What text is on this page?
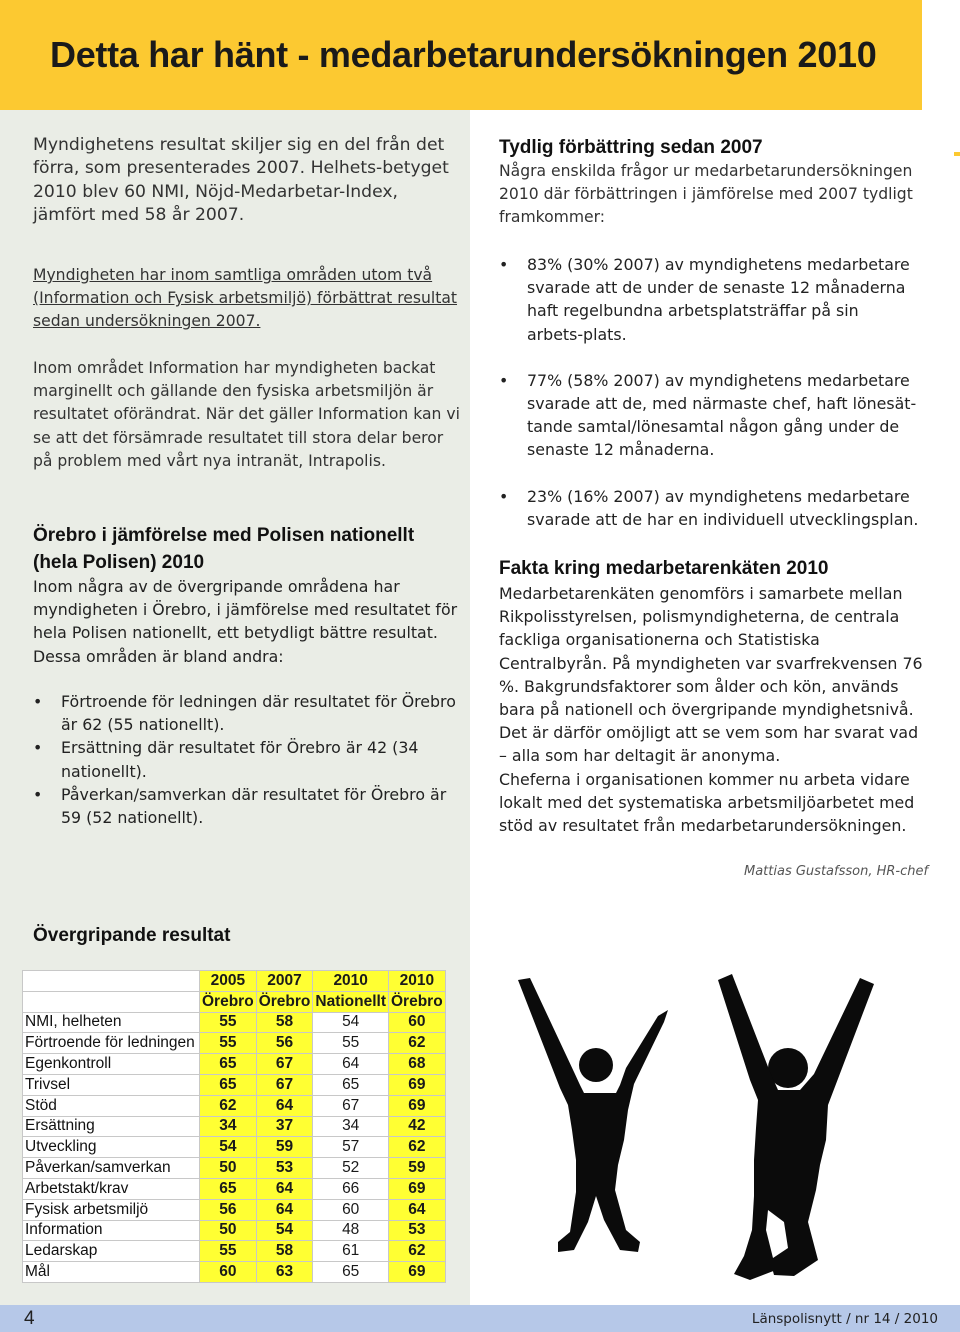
Detta har hänt - medarbetarundersökningen 2010

Myndighetens resultat skiljer sig en del från det förra, som presenterades 2007. Helhets-betyget 2010 blev 60 NMI, Nöjd-Medarbetar-Index, jämfört med 58 år 2007.

Myndigheten har inom samtliga områden utom två (Information och Fysisk arbetsmiljö) förbättrat resultat sedan undersökningen 2007.

Inom området Information har myndigheten backat marginellt och gällande den fysiska arbetsmiljön är resultatet oförändrat. När det gäller Information kan vi se att det försämrade resultatet till stora delar beror på problem med vårt nya intranät, Intrapolis.

Örebro i jämförelse med Polisen nationellt (hela Polisen) 2010

Inom några av de övergripande områdena har myndigheten i Örebro, i jämförelse med resultatet för hela Polisen nationellt, ett betydligt bättre resultat. Dessa områden är bland andra:

• Förtroende för ledningen där resultatet för Örebro är 62 (55 nationellt).
• Ersättning där resultatet för Örebro är 42 (34 nationellt).
• Påverkan/samverkan där resultatet för Örebro är 59 (52 nationellt).

Övergripande resultat

	2005	2007	2010	2010
	Örebro	Örebro	Nationellt	Örebro
NMI, helheten	55	58	54	60
Förtroende för ledningen	55	56	55	62
Egenkontroll	65	67	64	68
Trivsel	65	67	65	69
Stöd	62	64	67	69
Ersättning	34	37	34	42
Utveckling	54	59	57	62
Påverkan/samverkan	50	53	52	59
Arbetstakt/krav	65	64	66	69
Fysisk arbetsmiljö	56	64	60	64
Information	50	54	48	53
Ledarskap	55	58	61	62
Mål	60	63	65	69

Tydlig förbättring sedan 2007

Några enskilda frågor ur medarbetarundersökningen 2010 där förbättringen i jämförelse med 2007 tydligt framkommer:

• 83% (30% 2007) av myndighetens medarbetare svarade att de under de senaste 12 månaderna haft regelbundna arbetsplatsträffar på sin arbets-plats.
• 77% (58% 2007) av myndighetens medarbetare svarade att de, med närmaste chef, haft lönesät-tande samtal/lönesamtal någon gång under de senaste 12 månaderna.
• 23% (16% 2007) av myndighetens medarbetare svarade att de har en individuell utvecklingsplan.

Fakta kring medarbetarenkäten 2010

Medarbetarenkäten genomförs i samarbete mellan Rikpolisstyrelsen, polismyndigheterna, de centrala fackliga organisationerna och Statistiska Centralbyrån. På myndigheten var svarfrekvensen 76 %. Bakgrundsfaktorer som ålder och kön, används bara på nationell och övergripande myndighetsnivå. Det är därför omöjligt att se vem som har svarat vad – alla som har deltagit är anonyma.

Cheferna i organisationen kommer nu arbeta vidare lokalt med det systematiska arbetsmiljöarbetet med stöd av resultatet från medarbetarundersökningen.

Mattias Gustafsson, HR-chef
4	Länspolisnytt / nr 14 / 2010
